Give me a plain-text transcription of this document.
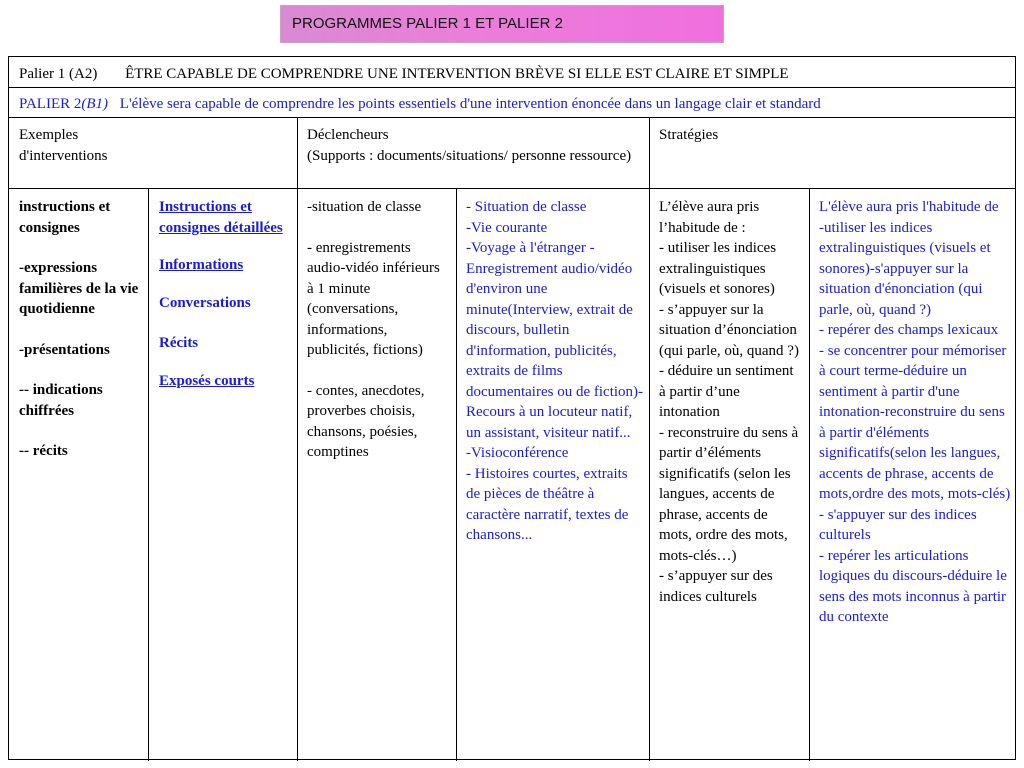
PROGRAMMES PALIER 1 ET PALIER 2
Palier 1 (A2) ÊTRE CAPABLE DE COMPRENDRE UNE INTERVENTION BRÈVE SI ELLE EST CLAIRE ET SIMPLE
PALIER 2(B1) L'élève sera capable de comprendre les points essentiels d'une intervention énoncée dans un langage clair et standard
Exemples
d'interventions
Déclencheurs
(Supports : documents/situations/ personne ressource)
Stratégies
instructions et consignes
-expressions familières de la vie quotidienne
-présentations
-- indications chiffrées
-- récits
Instructions et consignes détaillées
Informations
Conversations
Récits
Exposés courts
-situation de classe
- enregistrements audio-vidéo inférieurs à 1 minute (conversations, informations, publicités, fictions)
- contes, anecdotes, proverbes choisis, chansons, poésies, comptines
- Situation de classe
-Vie courante
-Voyage à l'étranger - Enregistrement audio/vidéo d'environ une minute(Interview, extrait de discours, bulletin d'information, publicités, extraits de films documentaires ou de fiction)- Recours à un locuteur natif, un assistant, visiteur natif...
-Visioconférence
- Histoires courtes, extraits de pièces de théâtre à caractère narratif, textes de chansons...
L’élève aura pris l’habitude de :
- utiliser les indices extralinguistiques (visuels et sonores)
- s’appuyer sur la situation d’énonciation (qui parle, où, quand ?)
- déduire un sentiment à partir d’une intonation
- reconstruire du sens à partir d’éléments significatifs (selon les langues, accents de phrase, accents de mots, ordre des mots, mots-clés…)
- s’appuyer sur des indices culturels
L'élève aura pris l'habitude de
-utiliser les indices extralinguistiques (visuels et sonores)-s'appuyer sur la situation d'énonciation (qui parle, où, quand ?)
- repérer des champs lexicaux
- se concentrer pour mémoriser à court terme-déduire un sentiment à partir d'une intonation-reconstruire du sens à partir d'éléments significatifs(selon les langues, accents de phrase, accents de mots,ordre des mots, mots-clés)
- s'appuyer sur des indices culturels
- repérer les articulations logiques du discours-déduire le sens des mots inconnus à partir du contexte
